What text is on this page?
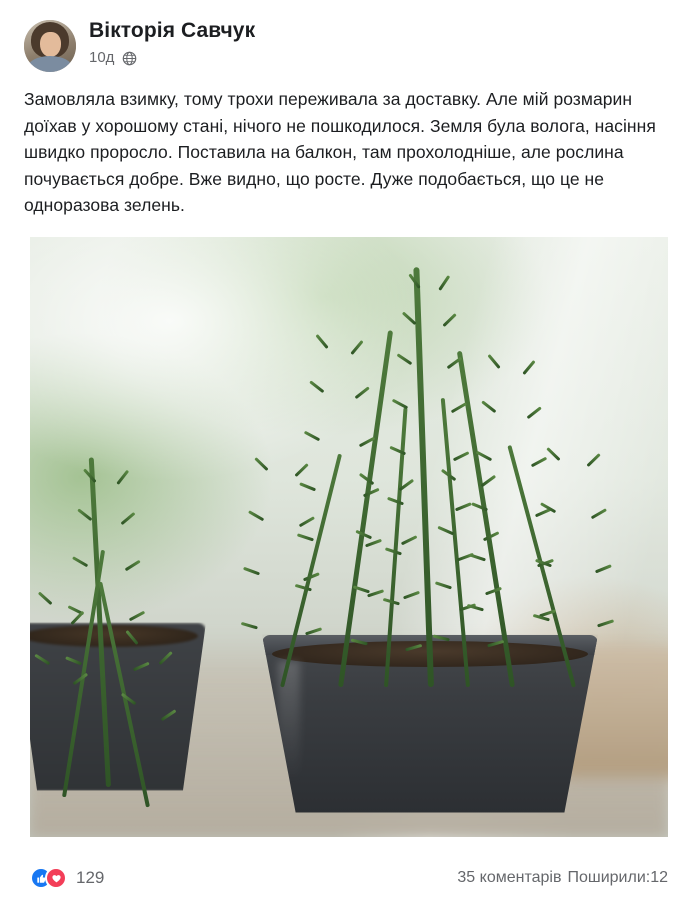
Вікторія Савчук
10д
Замовляла взимку, тому трохи переживала за доставку. Але мій розмарин доїхав у хорошому стані, нічого не пошкодилося. Земля була волога, насіння швидко проросло. Поставила на балкон, там прохолодніше, але рослина почувається добре. Вже видно, що росте. Дуже подобається, що це не одноразова зелень.
129	35 коментарів Поширили:12
